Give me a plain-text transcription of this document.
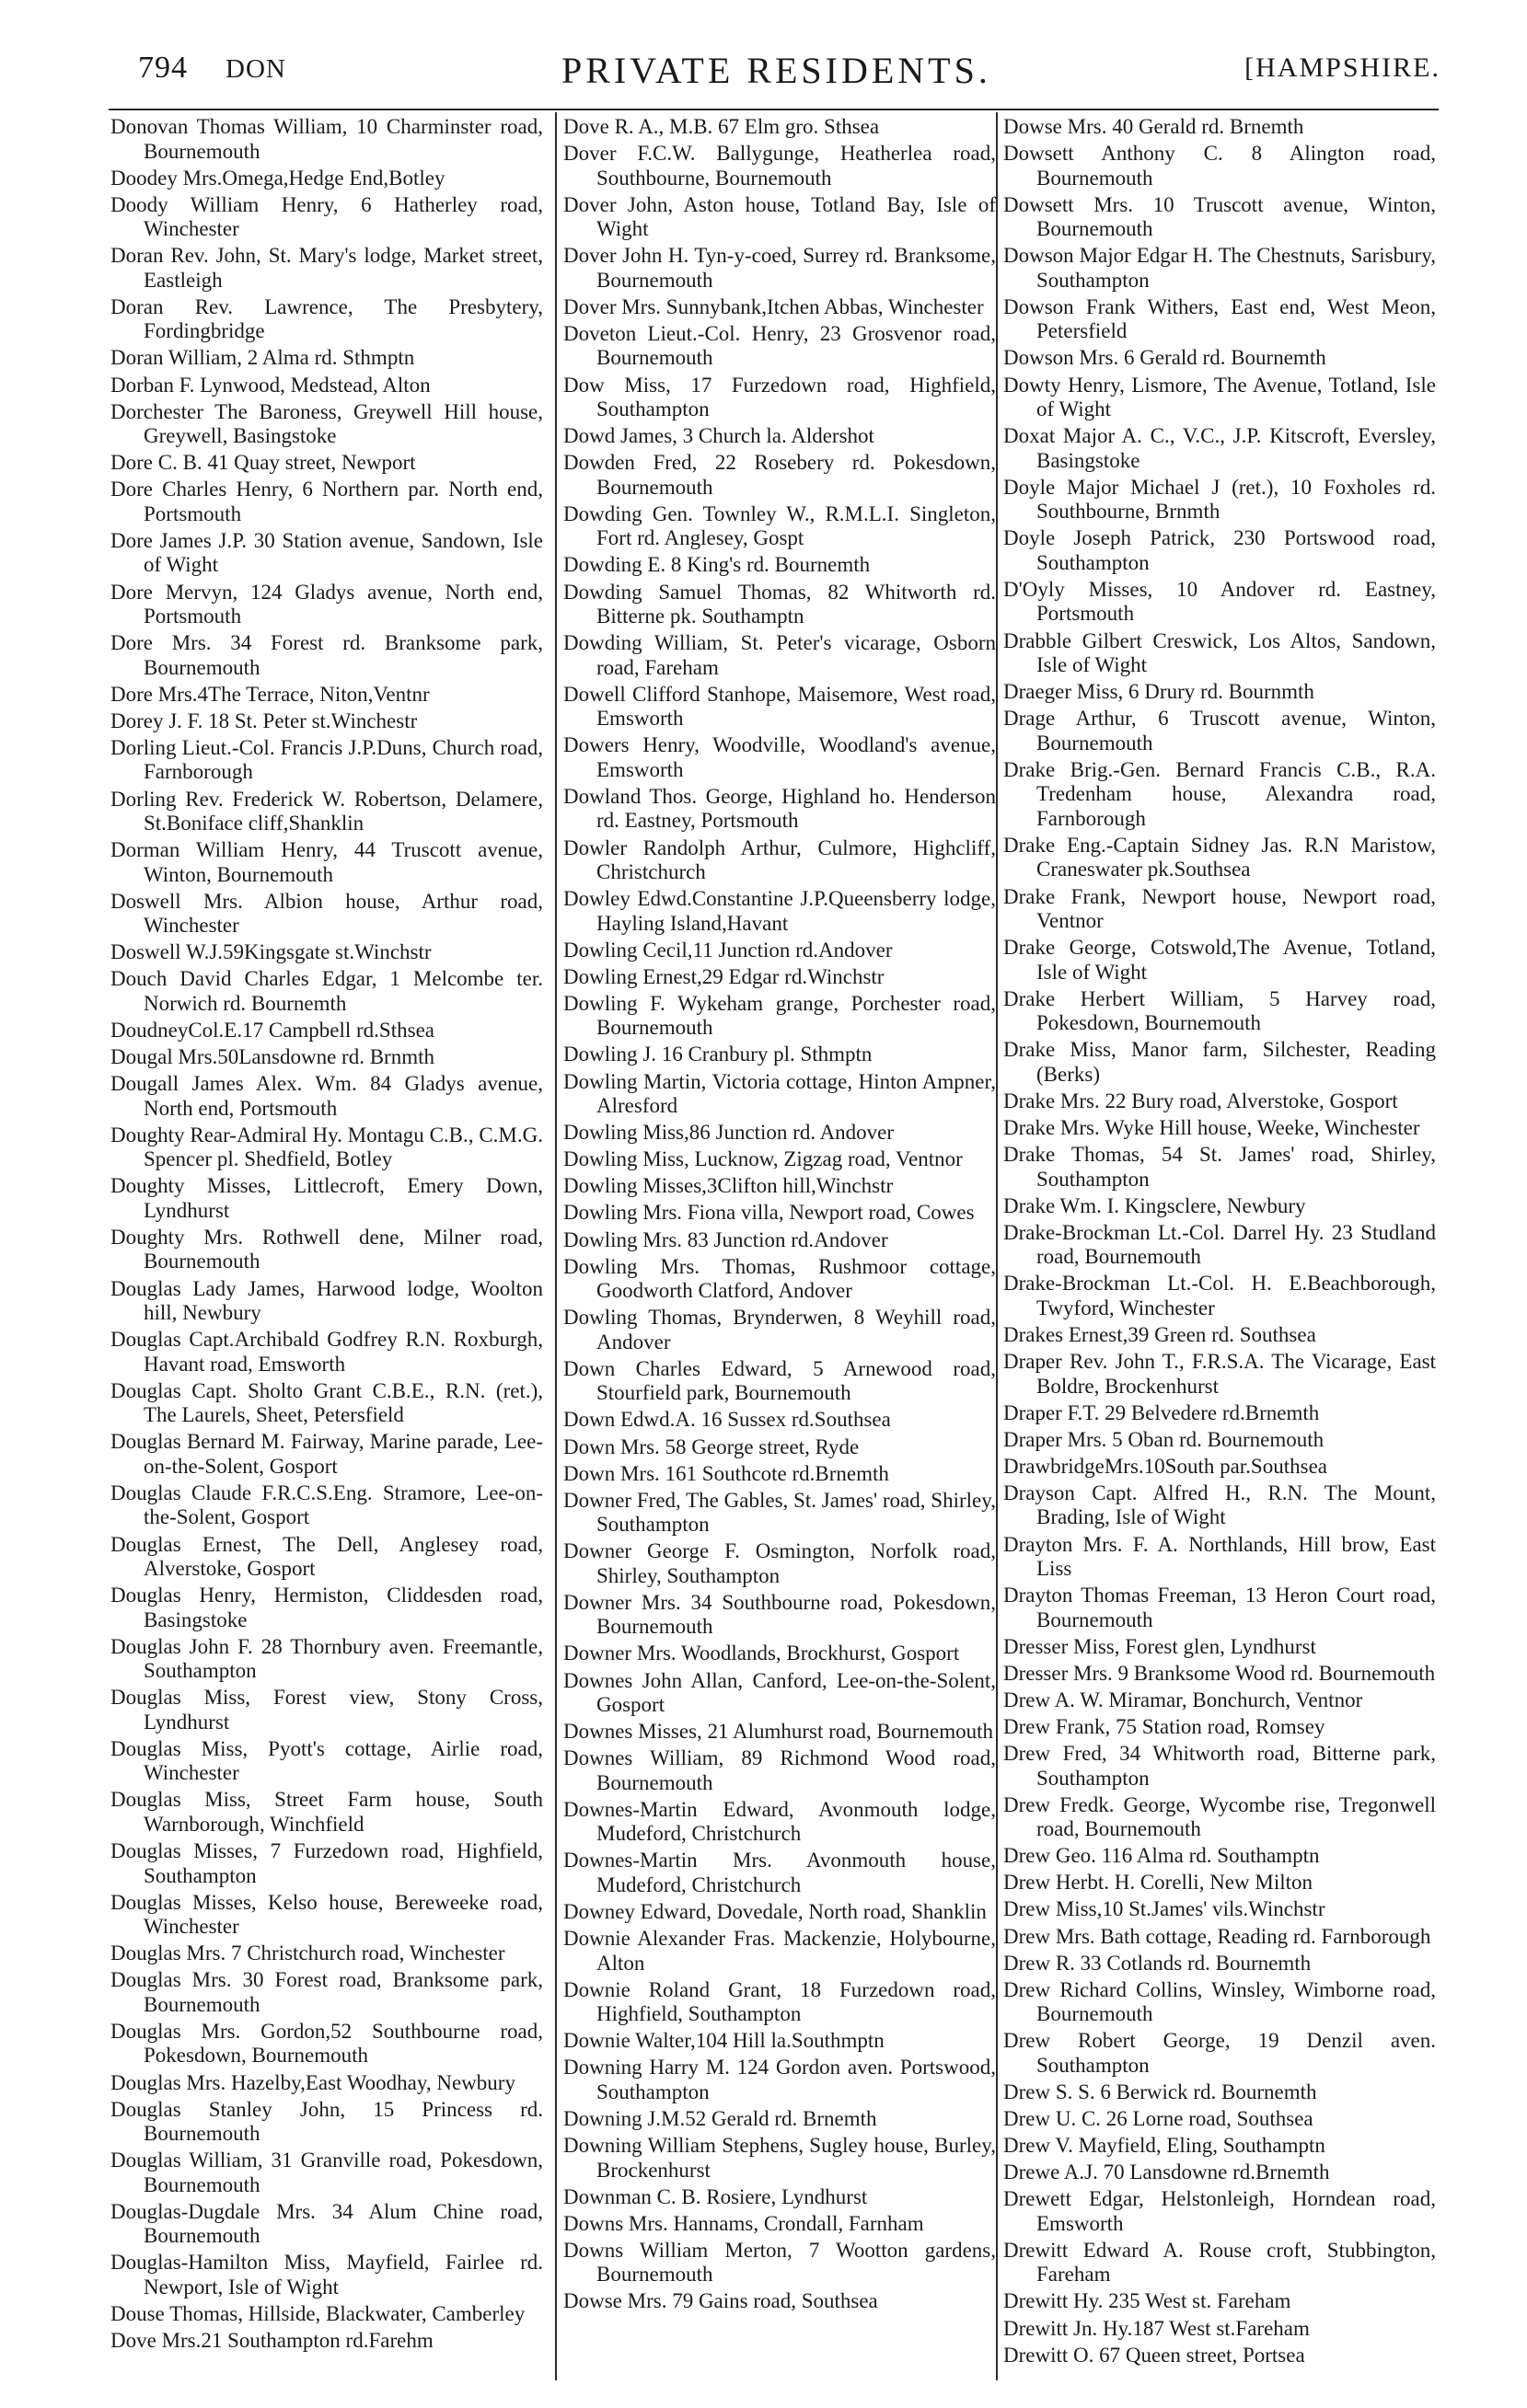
794 DON	PRIVATE RESIDENTS.	[HAMPSHIRE.
Donovan Thomas William, 10 Charminster road, Bournemouth
Doodey Mrs.Omega,Hedge End,Botley
Doody William Henry, 6 Hatherley road, Winchester
Doran Rev. John, St. Mary's lodge, Market street, Eastleigh
Doran Rev. Lawrence, The Presbytery, Fordingbridge
Doran William, 2 Alma rd. Sthmptn
Dorban F. Lynwood, Medstead, Alton
Dorchester The Baroness, Greywell Hill house, Greywell, Basingstoke
Dore C. B. 41 Quay street, Newport
Dore Charles Henry, 6 Northern par. North end, Portsmouth
Dore James J.P. 30 Station avenue, Sandown, Isle of Wight
Dore Mervyn, 124 Gladys avenue, North end, Portsmouth
Dore Mrs. 34 Forest rd. Branksome park, Bournemouth
Dore Mrs.4The Terrace, Niton,Ventnr
Dorey J. F. 18 St. Peter st.Winchestr
Dorling Lieut.-Col. Francis J.P.Duns, Church road, Farnborough
Dorling Rev. Frederick W. Robertson, Delamere, St.Boniface cliff,Shanklin
Dorman William Henry, 44 Truscott avenue, Winton, Bournemouth
Doswell Mrs. Albion house, Arthur road, Winchester
Doswell W.J.59Kingsgate st.Winchstr
Douch David Charles Edgar, 1 Melcombe ter. Norwich rd. Bournemth
DoudneyCol.E.17 Campbell rd.Sthsea
Dougal Mrs.50Lansdowne rd. Brnmth
Dougall James Alex. Wm. 84 Gladys avenue, North end, Portsmouth
Doughty Rear-Admiral Hy. Montagu C.B., C.M.G. Spencer pl. Shedfield, Botley
Doughty Misses, Littlecroft, Emery Down, Lyndhurst
Doughty Mrs. Rothwell dene, Milner road, Bournemouth
Douglas Lady James, Harwood lodge, Woolton hill, Newbury
Douglas Capt.Archibald Godfrey R.N. Roxburgh, Havant road, Emsworth
Douglas Capt. Sholto Grant C.B.E., R.N. (ret.), The Laurels, Sheet, Petersfield
Douglas Bernard M. Fairway, Marine parade, Lee-on-the-Solent, Gosport
Douglas Claude F.R.C.S.Eng. Stramore, Lee-on-the-Solent, Gosport
Douglas Ernest, The Dell, Anglesey road, Alverstoke, Gosport
Douglas Henry, Hermiston, Cliddesden road, Basingstoke
Douglas John F. 28 Thornbury aven. Freemantle, Southampton
Douglas Miss, Forest view, Stony Cross, Lyndhurst
Douglas Miss, Pyott's cottage, Airlie road, Winchester
Douglas Miss, Street Farm house, South Warnborough, Winchfield
Douglas Misses, 7 Furzedown road, Highfield, Southampton
Douglas Misses, Kelso house, Bereweeke road, Winchester
Douglas Mrs. 7 Christchurch road, Winchester
Douglas Mrs. 30 Forest road, Branksome park, Bournemouth
Douglas Mrs. Gordon,52 Southbourne road, Pokesdown, Bournemouth
Douglas Mrs. Hazelby,East Woodhay, Newbury
Douglas Stanley John, 15 Princess rd. Bournemouth
Douglas William, 31 Granville road, Pokesdown, Bournemouth
Douglas-Dugdale Mrs. 34 Alum Chine road, Bournemouth
Douglas-Hamilton Miss, Mayfield, Fairlee rd. Newport, Isle of Wight
Douse Thomas, Hillside, Blackwater, Camberley
Dove Mrs.21 Southampton rd.Farehm
Dove R. A., M.B. 67 Elm gro. Sthsea
Dover F.C.W. Ballygunge, Heatherlea road, Southbourne, Bournemouth
Dover John, Aston house, Totland Bay, Isle of Wight
Dover John H. Tyn-y-coed, Surrey rd. Branksome, Bournemouth
Dover Mrs. Sunnybank,Itchen Abbas, Winchester
Doveton Lieut.-Col. Henry, 23 Grosvenor road, Bournemouth
Dow Miss, 17 Furzedown road, Highfield, Southampton
Dowd James, 3 Church la. Aldershot
Dowden Fred, 22 Rosebery rd. Pokesdown, Bournemouth
Dowding Gen. Townley W., R.M.L.I. Singleton, Fort rd. Anglesey, Gospt
Dowding E. 8 King's rd. Bournemth
Dowding Samuel Thomas, 82 Whitworth rd. Bitterne pk. Southamptn
Dowding William, St. Peter's vicarage, Osborn road, Fareham
Dowell Clifford Stanhope, Maisemore, West road, Emsworth
Dowers Henry, Woodville, Woodland's avenue, Emsworth
Dowland Thos. George, Highland ho. Henderson rd. Eastney, Portsmouth
Dowler Randolph Arthur, Culmore, Highcliff, Christchurch
Dowley Edwd.Constantine J.P.Queensberry lodge, Hayling Island,Havant
Dowling Cecil,11 Junction rd.Andover
Dowling Ernest,29 Edgar rd.Winchstr
Dowling F. Wykeham grange, Porchester road, Bournemouth
Dowling J. 16 Cranbury pl. Sthmptn
Dowling Martin, Victoria cottage, Hinton Ampner, Alresford
Dowling Miss,86 Junction rd. Andover
Dowling Miss, Lucknow, Zigzag road, Ventnor
Dowling Misses,3Clifton hill,Winchstr
Dowling Mrs. Fiona villa, Newport road, Cowes
Dowling Mrs. 83 Junction rd.Andover
Dowling Mrs. Thomas, Rushmoor cottage, Goodworth Clatford, Andover
Dowling Thomas, Brynderwen, 8 Weyhill road, Andover
Down Charles Edward, 5 Arnewood road, Stourfield park, Bournemouth
Down Edwd.A. 16 Sussex rd.Southsea
Down Mrs. 58 George street, Ryde
Down Mrs. 161 Southcote rd.Brnemth
Downer Fred, The Gables, St. James' road, Shirley, Southampton
Downer George F. Osmington, Norfolk road, Shirley, Southampton
Downer Mrs. 34 Southbourne road, Pokesdown, Bournemouth
Downer Mrs. Woodlands, Brockhurst, Gosport
Downes John Allan, Canford, Lee-on-the-Solent, Gosport
Downes Misses, 21 Alumhurst road, Bournemouth
Downes William, 89 Richmond Wood road, Bournemouth
Downes-Martin Edward, Avonmouth lodge, Mudeford, Christchurch
Downes-Martin Mrs. Avonmouth house, Mudeford, Christchurch
Downey Edward, Dovedale, North road, Shanklin
Downie Alexander Fras. Mackenzie, Holybourne, Alton
Downie Roland Grant, 18 Furzedown road, Highfield, Southampton
Downie Walter,104 Hill la.Southmptn
Downing Harry M. 124 Gordon aven. Portswood, Southampton
Downing J.M.52 Gerald rd. Brnemth
Downing William Stephens, Sugley house, Burley, Brockenhurst
Downman C. B. Rosiere, Lyndhurst
Downs Mrs. Hannams, Crondall, Farnham
Downs William Merton, 7 Wootton gardens, Bournemouth
Dowse Mrs. 79 Gains road, Southsea
Dowse Mrs. 40 Gerald rd. Brnemth
Dowsett Anthony C. 8 Alington road, Bournemouth
Dowsett Mrs. 10 Truscott avenue, Winton, Bournemouth
Dowson Major Edgar H. The Chestnuts, Sarisbury, Southampton
Dowson Frank Withers, East end, West Meon, Petersfield
Dowson Mrs. 6 Gerald rd. Bournemth
Dowty Henry, Lismore, The Avenue, Totland, Isle of Wight
Doxat Major A. C., V.C., J.P. Kitscroft, Eversley, Basingstoke
Doyle Major Michael J (ret.), 10 Foxholes rd. Southbourne, Brnmth
Doyle Joseph Patrick, 230 Portswood road, Southampton
D'Oyly Misses, 10 Andover rd. Eastney, Portsmouth
Drabble Gilbert Creswick, Los Altos, Sandown, Isle of Wight
Draeger Miss, 6 Drury rd. Bournmth
Drage Arthur, 6 Truscott avenue, Winton, Bournemouth
Drake Brig.-Gen. Bernard Francis C.B., R.A. Tredenham house, Alexandra road, Farnborough
Drake Eng.-Captain Sidney Jas. R.N Maristow, Craneswater pk.Southsea
Drake Frank, Newport house, Newport road, Ventnor
Drake George, Cotswold,The Avenue, Totland, Isle of Wight
Drake Herbert William, 5 Harvey road, Pokesdown, Bournemouth
Drake Miss, Manor farm, Silchester, Reading (Berks)
Drake Mrs. 22 Bury road, Alverstoke, Gosport
Drake Mrs. Wyke Hill house, Weeke, Winchester
Drake Thomas, 54 St. James' road, Shirley, Southampton
Drake Wm. I. Kingsclere, Newbury
Drake-Brockman Lt.-Col. Darrel Hy. 23 Studland road, Bournemouth
Drake-Brockman Lt.-Col. H. E.Beachborough, Twyford, Winchester
Drakes Ernest,39 Green rd. Southsea
Draper Rev. John T., F.R.S.A. The Vicarage, East Boldre, Brockenhurst
Draper F.T. 29 Belvedere rd.Brnemth
Draper Mrs. 5 Oban rd. Bournemouth
DrawbridgeMrs.10South par.Southsea
Drayson Capt. Alfred H., R.N. The Mount, Brading, Isle of Wight
Drayton Mrs. F. A. Northlands, Hill brow, East Liss
Drayton Thomas Freeman, 13 Heron Court road, Bournemouth
Dresser Miss, Forest glen, Lyndhurst
Dresser Mrs. 9 Branksome Wood rd. Bournemouth
Drew A. W. Miramar, Bonchurch, Ventnor
Drew Frank, 75 Station road, Romsey
Drew Fred, 34 Whitworth road, Bitterne park, Southampton
Drew Fredk. George, Wycombe rise, Tregonwell road, Bournemouth
Drew Geo. 116 Alma rd. Southamptn
Drew Herbt. H. Corelli, New Milton
Drew Miss,10 St.James' vils.Winchstr
Drew Mrs. Bath cottage, Reading rd. Farnborough
Drew R. 33 Cotlands rd. Bournemth
Drew Richard Collins, Winsley, Wimborne road, Bournemouth
Drew Robert George, 19 Denzil aven. Southampton
Drew S. S. 6 Berwick rd. Bournemth
Drew U. C. 26 Lorne road, Southsea
Drew V. Mayfield, Eling, Southamptn
Drewe A.J. 70 Lansdowne rd.Brnemth
Drewett Edgar, Helstonleigh, Horndean road, Emsworth
Drewitt Edward A. Rouse croft, Stubbington, Fareham
Drewitt Hy. 235 West st. Fareham
Drewitt Jn. Hy.187 West st.Fareham
Drewitt O. 67 Queen street, Portsea
